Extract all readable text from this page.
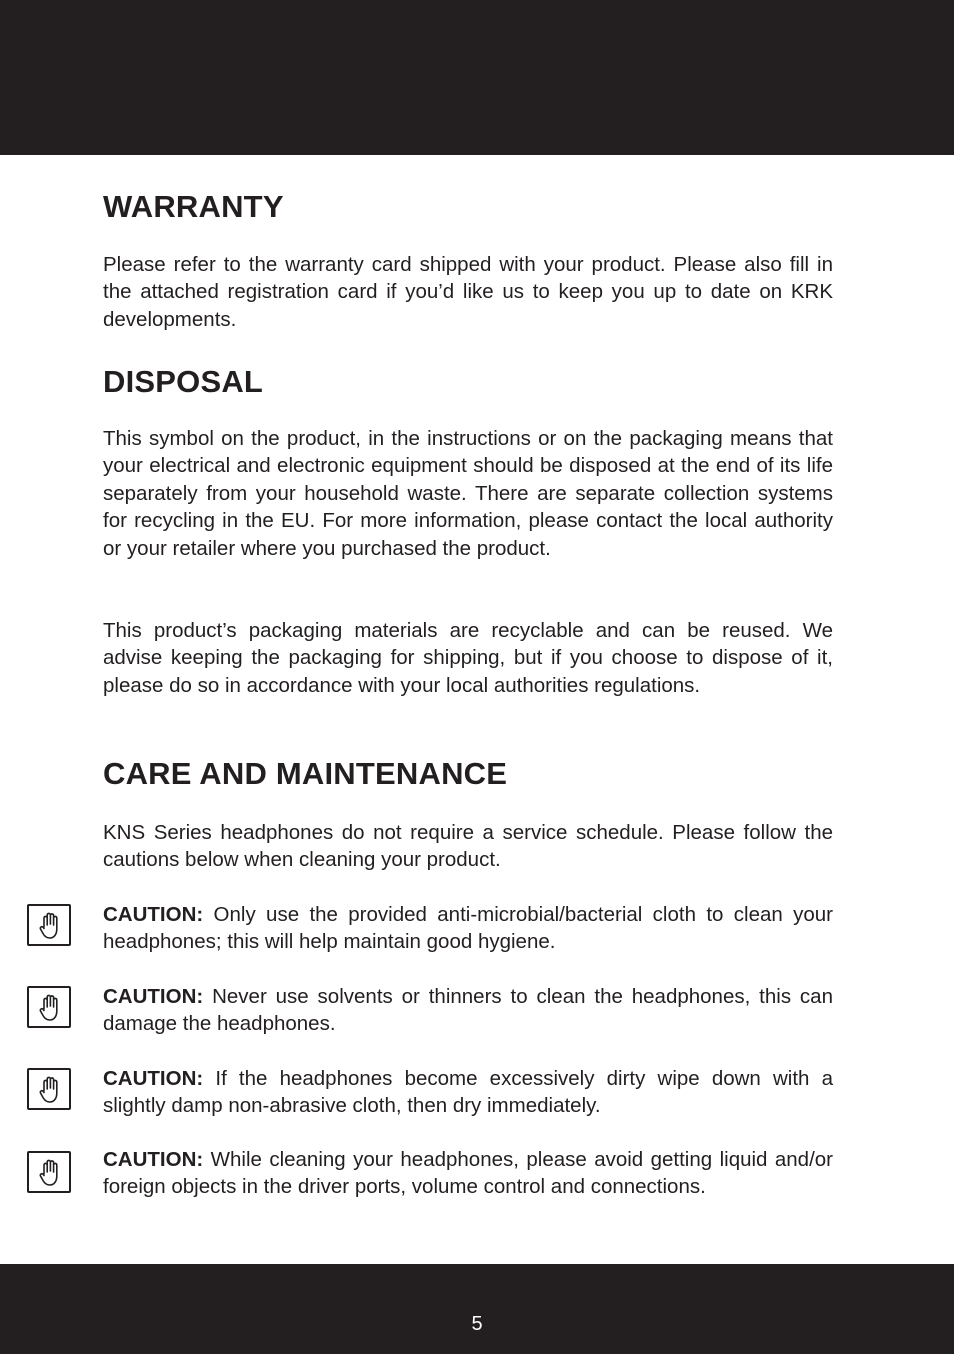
WARRANTY

Please refer to the warranty card shipped with your product. Please also fill in the attached registration card if you’d like us to keep you up to date on KRK developments.

DISPOSAL

This symbol on the product, in the instructions or on the packaging means that your electrical and electronic equipment should be disposed at the end of its life separately from your household waste. There are separate collection systems for recycling in the EU. For more information, please contact the local authority or your retailer where you purchased the product.

This product’s packaging materials are recyclable and can be reused. We advise keeping the packaging for shipping, but if you choose to dispose of it, please do so in accordance with your local authorities regulations.

CARE AND MAINTENANCE

KNS Series headphones do not require a service schedule. Please follow the cautions below when cleaning your product.

CAUTION: Only use the provided anti-microbial/bacterial cloth to clean your headphones; this will help maintain good hygiene.

CAUTION: Never use solvents or thinners to clean the headphones, this can damage the headphones.

CAUTION: If the headphones become excessively dirty wipe down with a slightly damp non-abrasive cloth, then dry immediately.

CAUTION: While cleaning your headphones, please avoid getting liquid and/or foreign objects in the driver ports, volume control and connections.

5
